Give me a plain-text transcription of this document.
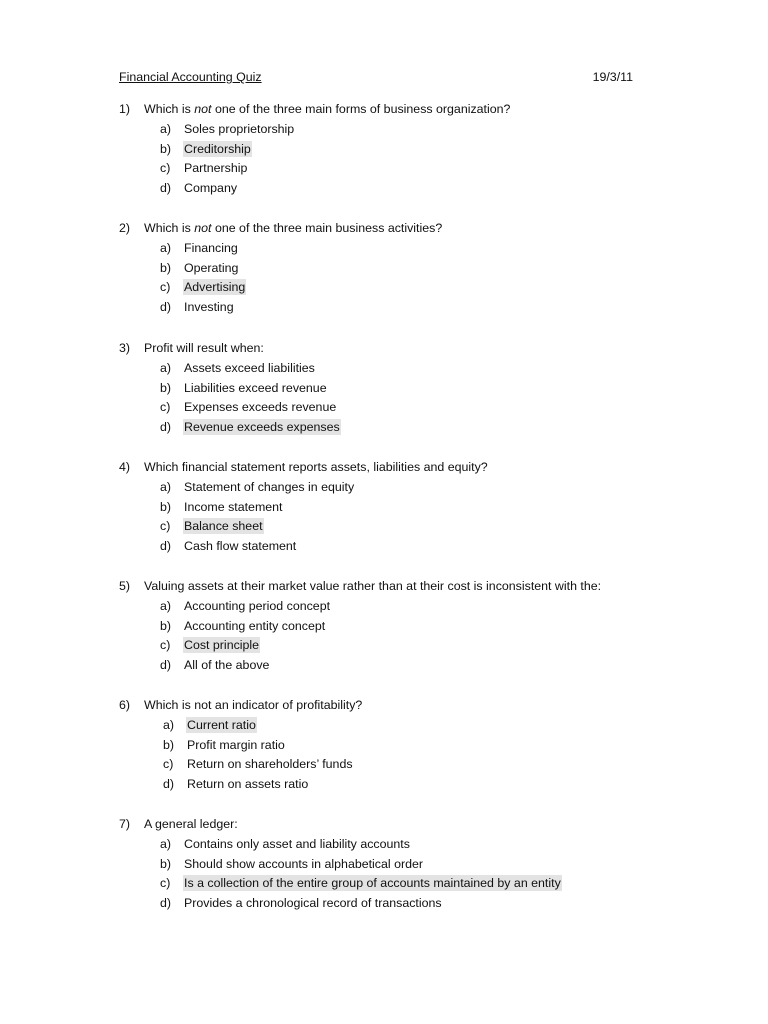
Financial Accounting Quiz	19/3/11
1) Which is not one of the three main forms of business organization?
a) Soles proprietorship
b) Creditorship
c) Partnership
d) Company
2) Which is not one of the three main business activities?
a) Financing
b) Operating
c) Advertising
d) Investing
3) Profit will result when:
a) Assets exceed liabilities
b) Liabilities exceed revenue
c) Expenses exceeds revenue
d) Revenue exceeds expenses
4) Which financial statement reports assets, liabilities and equity?
a) Statement of changes in equity
b) Income statement
c) Balance sheet
d) Cash flow statement
5) Valuing assets at their market value rather than at their cost is inconsistent with the:
a) Accounting period concept
b) Accounting entity concept
c) Cost principle
d) All of the above
6) Which is not an indicator of profitability?
a) Current ratio
b) Profit margin ratio
c) Return on shareholders’ funds
d) Return on assets ratio
7) A general ledger:
a) Contains only asset and liability accounts
b) Should show accounts in alphabetical order
c) Is a collection of the entire group of accounts maintained by an entity
d) Provides a chronological record of transactions
